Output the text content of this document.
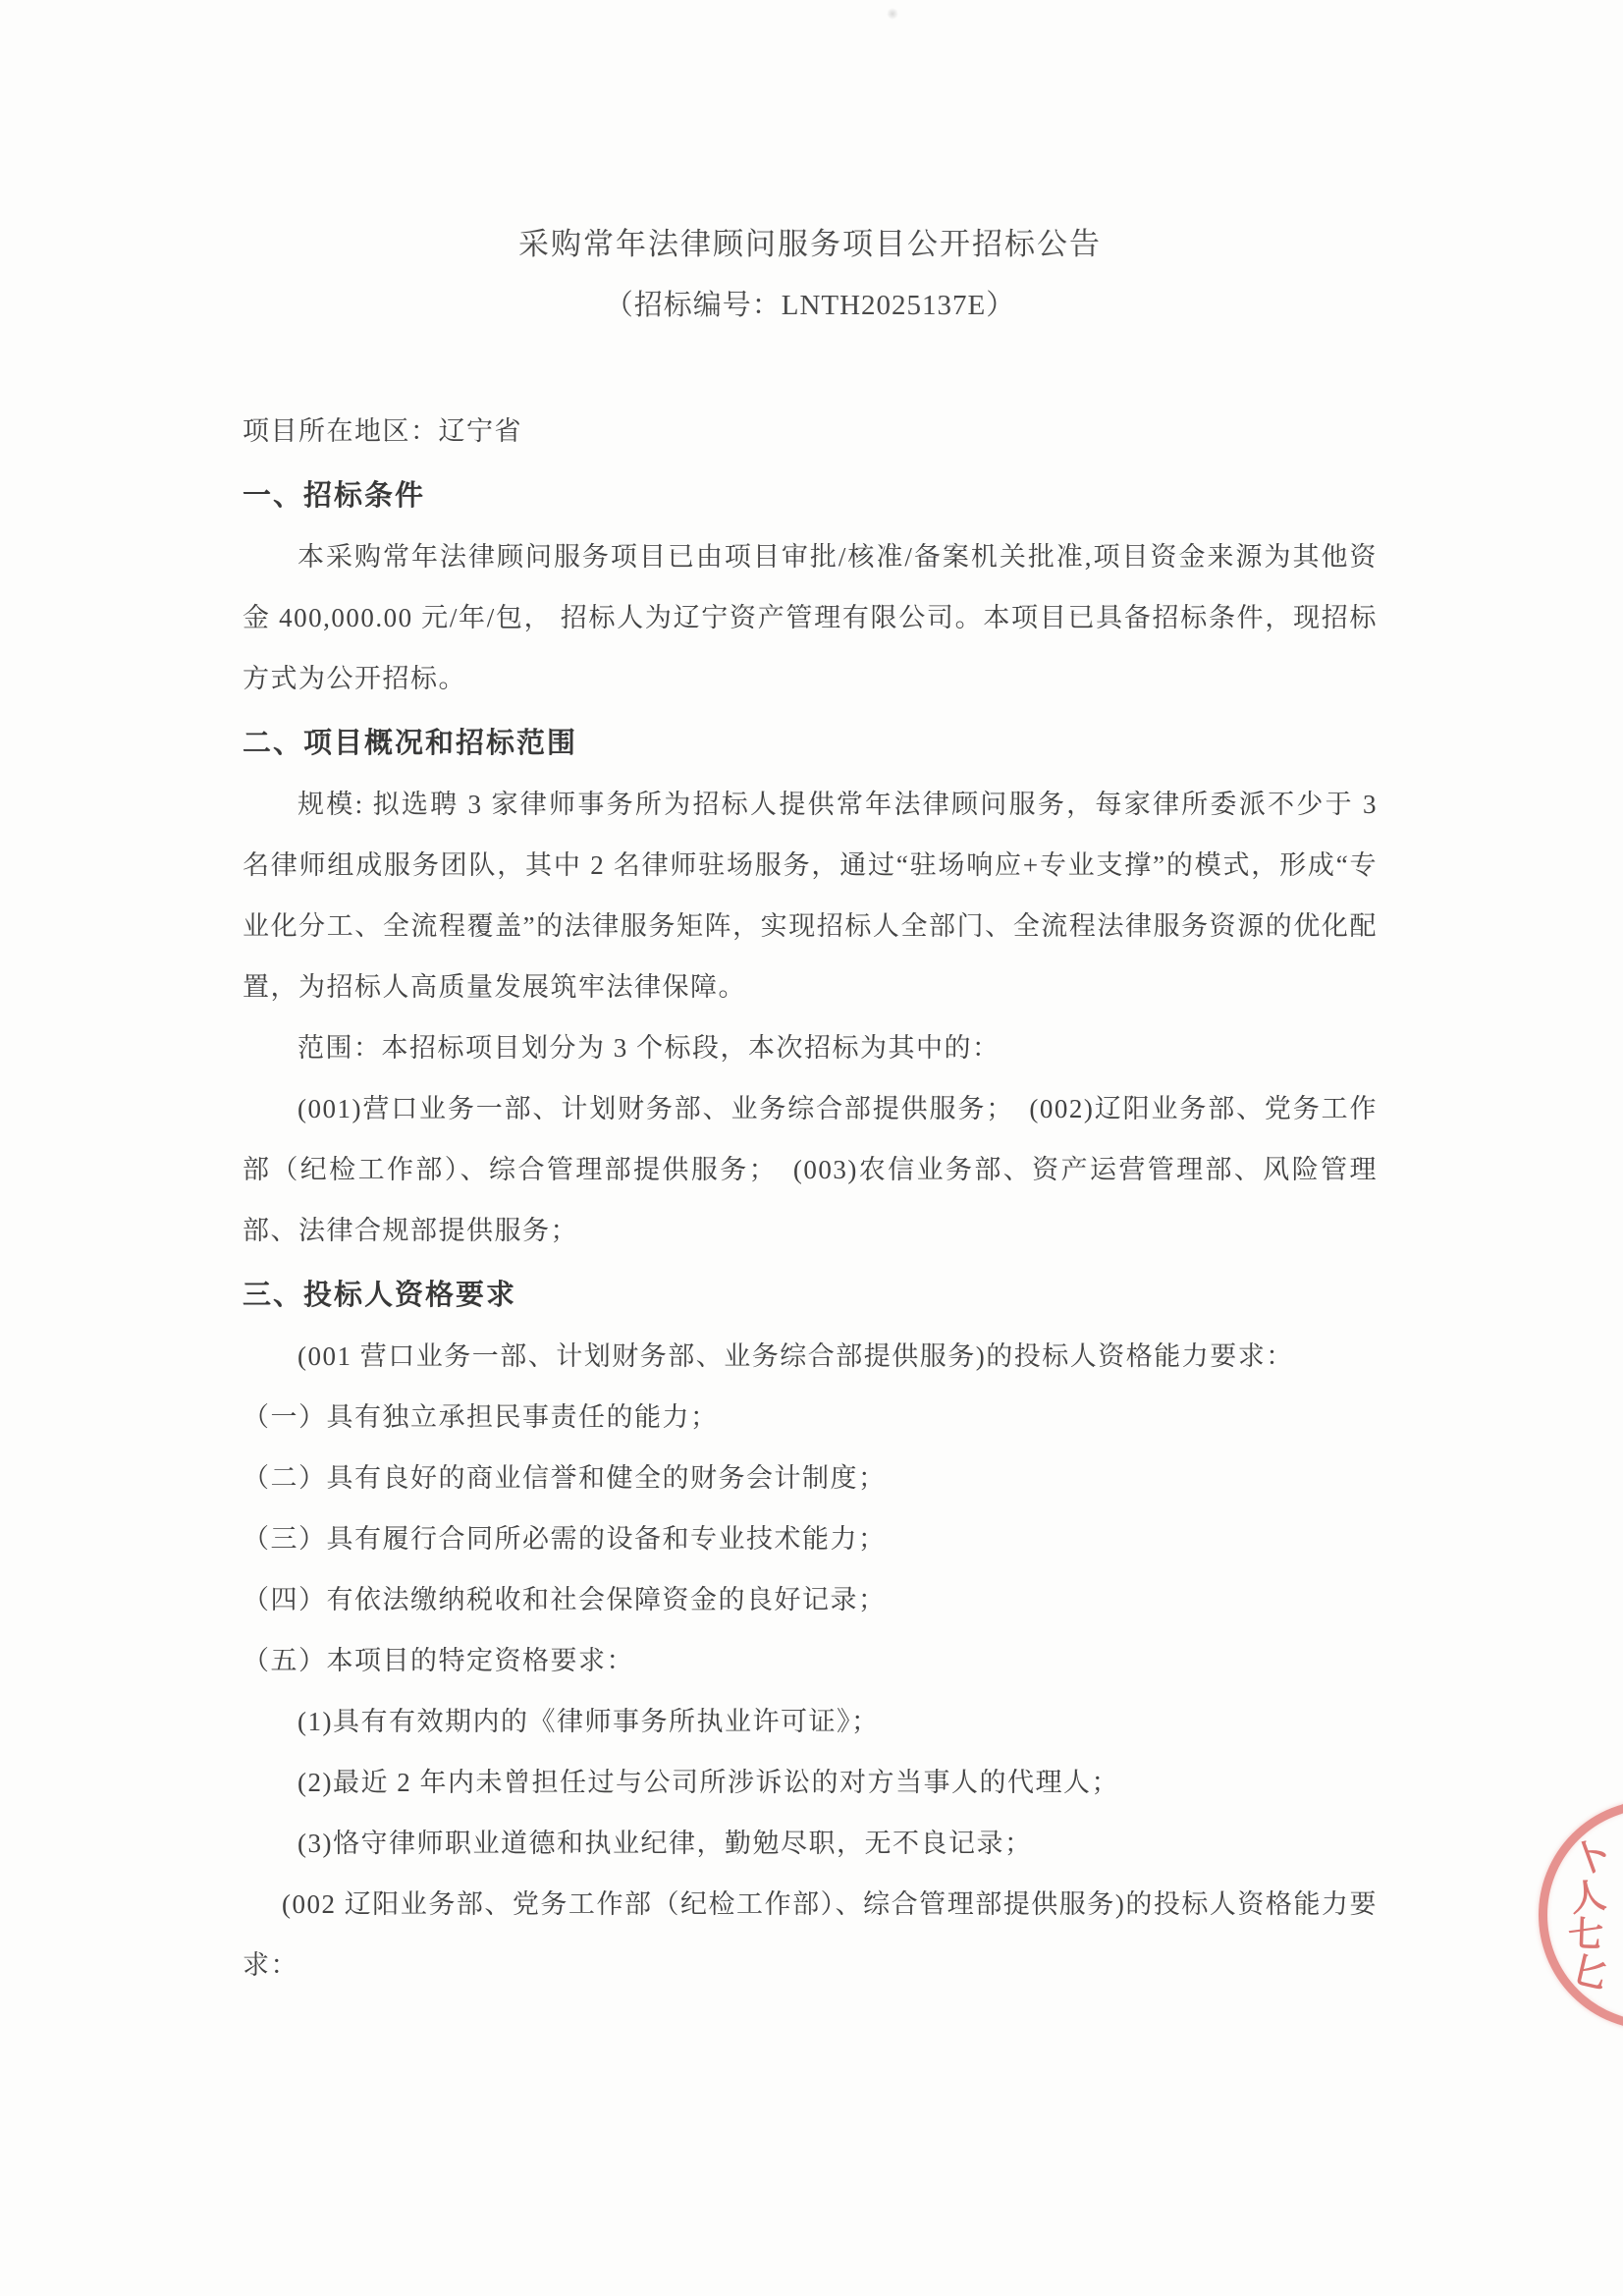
采购常年法律顾问服务项目公开招标公告
（招标编号：LNTH2025137E）
项目所在地区：辽宁省
一、招标条件

本采购常年法律顾问服务项目已由项目审批/核准/备案机关批准,项目资金来源为其他资金 400,000.00 元/年/包， 招标人为辽宁资产管理有限公司。本项目已具备招标条件，现招标方式为公开招标。

二、项目概况和招标范围

规模: 拟选聘 3 家律师事务所为招标人提供常年法律顾问服务，每家律所委派不少于 3 名律师组成服务团队，其中 2 名律师驻场服务，通过“驻场响应+专业支撑”的模式，形成“专业化分工、全流程覆盖”的法律服务矩阵，实现招标人全部门、全流程法律服务资源的优化配置，为招标人高质量发展筑牢法律保障。

范围：本招标项目划分为 3 个标段，本次招标为其中的：

(001)营口业务一部、计划财务部、业务综合部提供服务；　(002)辽阳业务部、党务工作部（纪检工作部）、综合管理部提供服务；　(003)农信业务部、资产运营管理部、风险管理部、法律合规部提供服务；

三、投标人资格要求

(001 营口业务一部、计划财务部、业务综合部提供服务)的投标人资格能力要求：

（一）具有独立承担民事责任的能力；

（二）具有良好的商业信誉和健全的财务会计制度；

（三）具有履行合同所必需的设备和专业技术能力；

（四）有依法缴纳税收和社会保障资金的良好记录；

（五）本项目的特定资格要求：

(1)具有有效期内的《律师事务所执业许可证》；

(2)最近 2 年内未曾担任过与公司所涉诉讼的对方当事人的代理人；

(3)恪守律师职业道德和执业纪律，勤勉尽职，无不良记录；

(002 辽阳业务部、党务工作部（纪检工作部）、综合管理部提供服务)的投标人资格能力要求：

卜
人
七
匕
